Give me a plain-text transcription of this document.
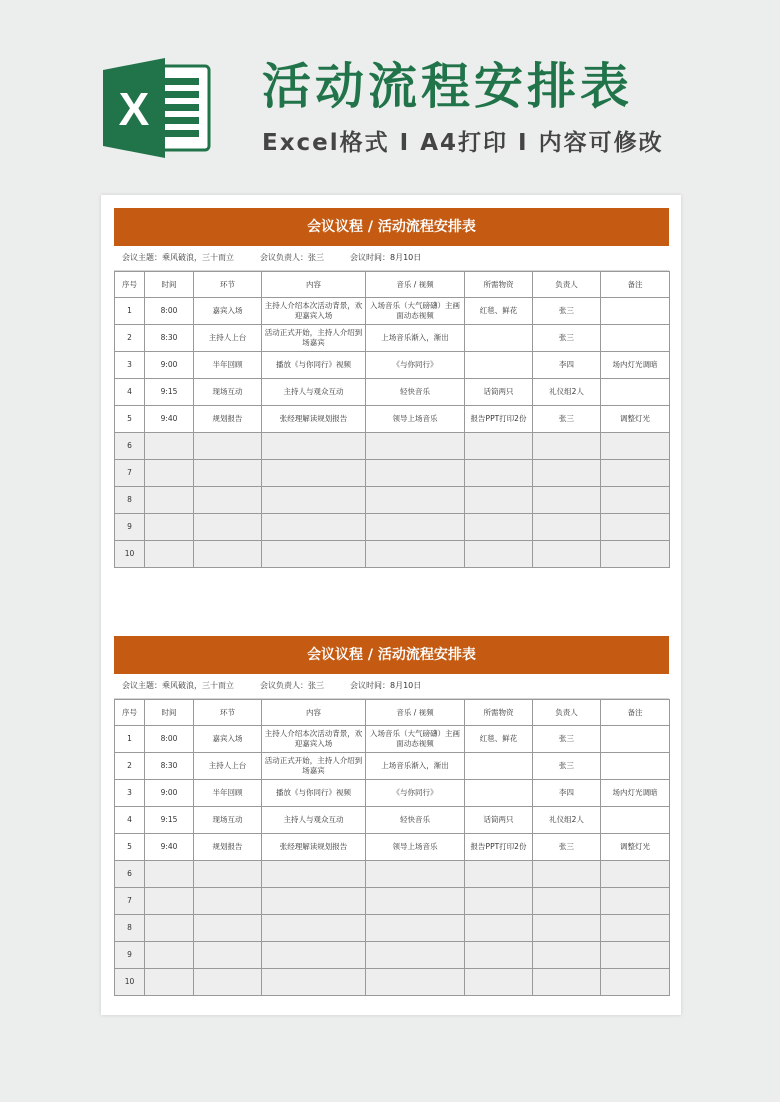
X 活动流程安排表
Excel格式 I A4打印 I 内容可修改
会议议程 / 活动流程安排表
会议主题：乘风破浪，三十而立	会议负责人：张三	会议时间：8月10日
序号	时间	环节	内容	音乐 / 视频	所需物资	负责人	备注
1	8:00	嘉宾入场	主持人介绍本次活动背景，欢迎嘉宾入场	入场音乐（大气磅礴）主画面动态视频	红毯、鲜花	张三	
2	8:30	主持人上台	活动正式开始，主持人介绍到场嘉宾	上场音乐渐入，渐出		张三	
3	9:00	半年回顾	播放《与你同行》视频	《与你同行》		李四	场内灯光调暗
4	9:15	现场互动	主持人与观众互动	轻快音乐	话筒两只	礼仪组2人	
5	9:40	规划报告	张经理解读规划报告	领导上场音乐	报告PPT打印2份	张三	调整灯光
6							
7							
8							
9							
10							
会议议程 / 活动流程安排表
会议主题：乘风破浪，三十而立	会议负责人：张三	会议时间：8月10日
序号	时间	环节	内容	音乐 / 视频	所需物资	负责人	备注
1	8:00	嘉宾入场	主持人介绍本次活动背景，欢迎嘉宾入场	入场音乐（大气磅礴）主画面动态视频	红毯、鲜花	张三	
2	8:30	主持人上台	活动正式开始，主持人介绍到场嘉宾	上场音乐渐入，渐出		张三	
3	9:00	半年回顾	播放《与你同行》视频	《与你同行》		李四	场内灯光调暗
4	9:15	现场互动	主持人与观众互动	轻快音乐	话筒两只	礼仪组2人	
5	9:40	规划报告	张经理解读规划报告	领导上场音乐	报告PPT打印2份	张三	调整灯光
6							
7							
8							
9							
10							
